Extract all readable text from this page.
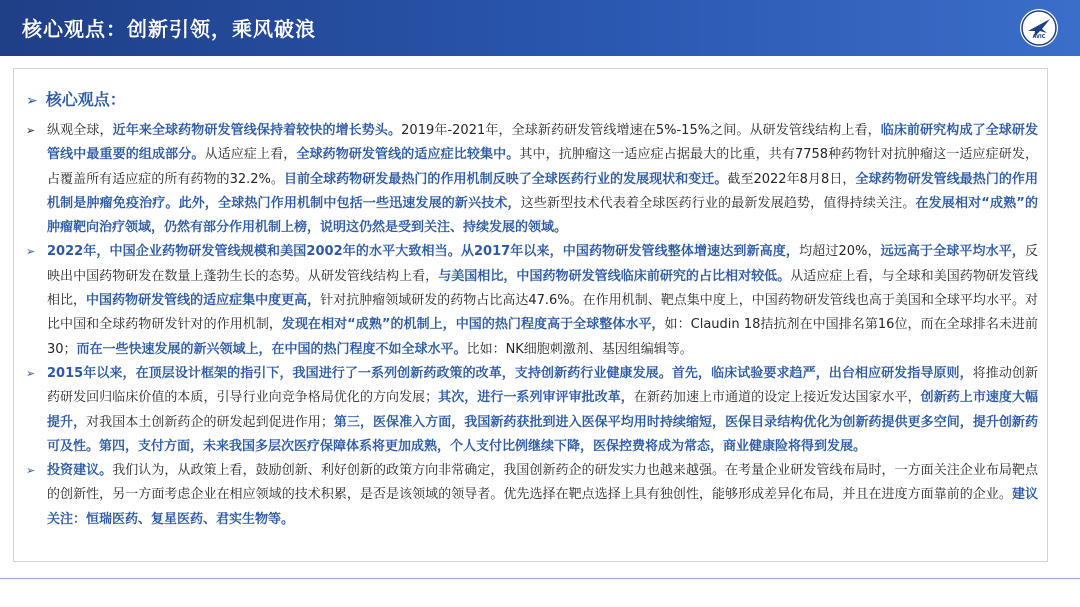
核心观点：创新引领，乘风破浪	AVIC
➢ 核心观点：
➢ 纵观全球，近年来全球药物研发管线保持着较快的增长势头。2019年-2021年，全球新药研发管线增速在5%-15%之间。从研发管线结构上看，临床前研究构成了全球研发管线中最重要的组成部分。从适应症上看，全球药物研发管线的适应症比较集中。其中，抗肿瘤这一适应症占据最大的比重，共有7758种药物针对抗肿瘤这一适应症研发，占覆盖所有适应症的所有药物的32.2%。目前全球药物研发最热门的作用机制反映了全球医药行业的发展现状和变迁。截至2022年8月8日，全球药物研发管线最热门的作用机制是肿瘤免疫治疗。此外，全球热门作用机制中包括一些迅速发展的新兴技术，这些新型技术代表着全球医药行业的最新发展趋势，值得持续关注。在发展相对“成熟”的肿瘤靶向治疗领域，仍然有部分作用机制上榜，说明这仍然是受到关注、持续发展的领域。
➢ 2022年，中国企业药物研发管线规模和美国2002年的水平大致相当。从2017年以来，中国药物研发管线整体增速达到新高度，均超过20%，远远高于全球平均水平，反映出中国药物研发在数量上蓬勃生长的态势。从研发管线结构上看，与美国相比，中国药物研发管线临床前研究的占比相对较低。从适应症上看，与全球和美国药物研发管线相比，中国药物研发管线的适应症集中度更高，针对抗肿瘤领域研发的药物占比高达47.6%。在作用机制、靶点集中度上，中国药物研发管线也高于美国和全球平均水平。对比中国和全球药物研发针对的作用机制，发现在相对“成熟”的机制上，中国的热门程度高于全球整体水平，如：Claudin 18拮抗剂在中国排名第16位，而在全球排名未进前30；而在一些快速发展的新兴领域上，在中国的热门程度不如全球水平。比如：NK细胞刺激剂、基因组编辑等。
➢ 2015年以来，在顶层设计框架的指引下，我国进行了一系列创新药政策的改革，支持创新药行业健康发展。首先，临床试验要求趋严，出台相应研发指导原则，将推动创新药研发回归临床价值的本质，引导行业向竞争格局优化的方向发展；其次，进行一系列审评审批改革，在新药加速上市通道的设定上接近发达国家水平，创新药上市速度大幅提升，对我国本土创新药企的研发起到促进作用；第三，医保准入方面，我国新药获批到进入医保平均用时持续缩短，医保目录结构优化为创新药提供更多空间，提升创新药可及性。第四，支付方面，未来我国多层次医疗保障体系将更加成熟，个人支付比例继续下降，医保控费将成为常态，商业健康险将得到发展。
➢ 投资建议。我们认为，从政策上看，鼓励创新、利好创新的政策方向非常确定，我国创新药企的研发实力也越来越强。在考量企业研发管线布局时，一方面关注企业布局靶点的创新性，另一方面考虑企业在相应领域的技术积累，是否是该领域的领导者。优先选择在靶点选择上具有独创性，能够形成差异化布局，并且在进度方面靠前的企业。建议关注：恒瑞医药、复星医药、君实生物等。
